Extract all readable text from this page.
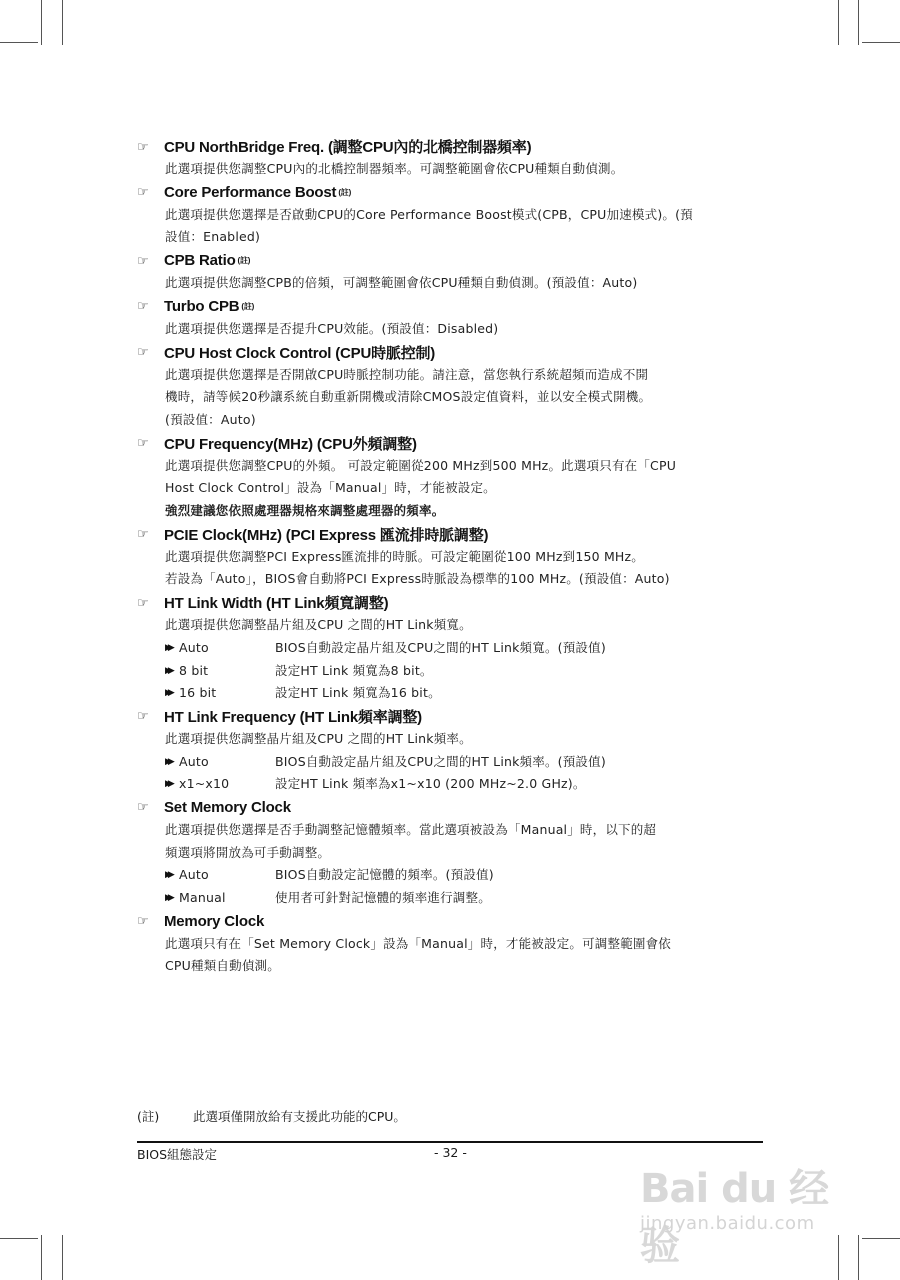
☞	CPU NorthBridge Freq. (調整CPU內的北橋控制器頻率)

此選項提供您調整CPU內的北橋控制器頻率。可調整範圍會依CPU種類自動偵測。

☞	Core Performance Boost (註)

此選項提供您選擇是否啟動CPU的Core Performance Boost模式(CPB，CPU加速模式)。(預

設值：Enabled)

☞	CPB Ratio (註)

此選項提供您調整CPB的倍頻，可調整範圍會依CPU種類自動偵測。(預設值：Auto)

☞	Turbo CPB (註)

此選項提供您選擇是否提升CPU效能。(預設值：Disabled)

☞	CPU Host Clock Control (CPU時脈控制)

此選項提供您選擇是否開啟CPU時脈控制功能。請注意，當您執行系統超頻而造成不開

機時，請等候20秒讓系統自動重新開機或清除CMOS設定值資料，並以安全模式開機。

(預設值：Auto)

☞	CPU Frequency(MHz) (CPU外頻調整)

此選項提供您調整CPU的外頻。 可設定範圍從200 MHz到500 MHz。此選項只有在「CPU

Host Clock Control」設為「Manual」時，才能被設定。

強烈建議您依照處理器規格來調整處理器的頻率。

☞	PCIE Clock(MHz) (PCI Express 匯流排時脈調整)

此選項提供您調整PCI Express匯流排的時脈。可設定範圍從100 MHz到150 MHz。

若設為「Auto」，BIOS會自動將PCI Express時脈設為標準的100 MHz。(預設值：Auto)

☞	HT Link Width (HT Link頻寬調整)

此選項提供您調整晶片組及CPU 之間的HT Link頻寬。

▶▶ Auto	BIOS自動設定晶片組及CPU之間的HT Link頻寬。(預設值)
▶▶ 8 bit	設定HT Link 頻寬為8 bit。
▶▶ 16 bit	設定HT Link 頻寬為16 bit。
☞	HT Link Frequency (HT Link頻率調整)

此選項提供您調整晶片組及CPU 之間的HT Link頻率。

▶▶ Auto	BIOS自動設定晶片組及CPU之間的HT Link頻率。(預設值)
▶▶ x1~x10	設定HT Link 頻率為x1~x10 (200 MHz~2.0 GHz)。
☞	Set Memory Clock

此選項提供您選擇是否手動調整記憶體頻率。當此選項被設為「Manual」時，以下的超

頻選項將開放為可手動調整。

▶▶ Auto	BIOS自動設定記憶體的頻率。(預設值)
▶▶ Manual	使用者可針對記憶體的頻率進行調整。
☞	Memory Clock

此選項只有在「Set Memory Clock」設為「Manual」時，才能被設定。可調整範圍會依

CPU種類自動偵測。

(註)	此選項僅開放給有支援此功能的CPU。
BIOS組態設定	- 32 -
Bai du 经验
jingyan.baidu.com
